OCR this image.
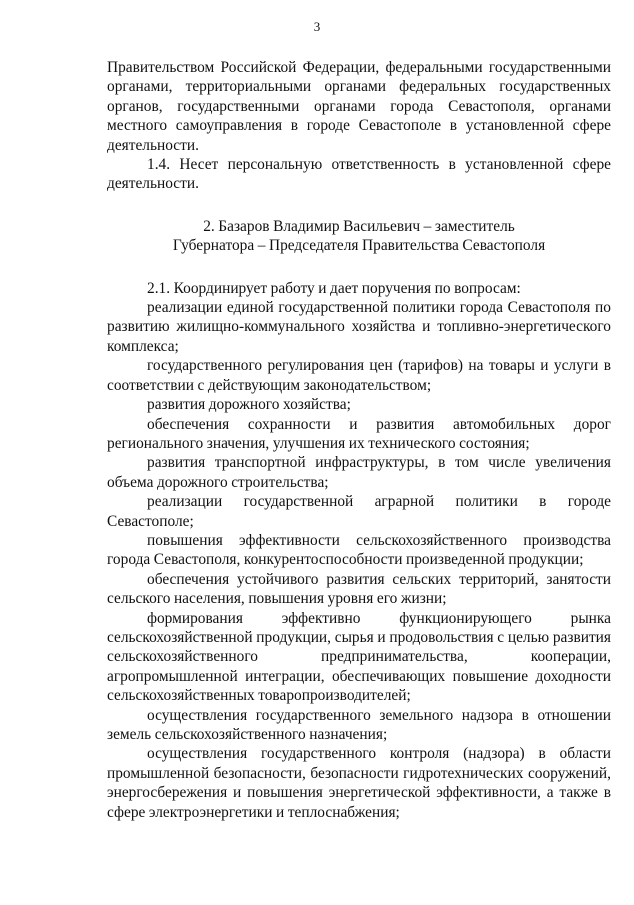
3

Правительством Российской Федерации, федеральными государственными органами, территориальными органами федеральных государственных органов, государственными органами города Севастополя, органами местного самоуправления в городе Севастополе в установленной сфере деятельности.

1.4. Несет персональную ответственность в установленной сфере деятельности.

2. Базаров Владимир Васильевич – заместитель
Губернатора – Председателя Правительства Севастополя

2.1. Координирует работу и дает поручения по вопросам:

реализации единой государственной политики города Севастополя по развитию жилищно-коммунального хозяйства и топливно-энергетического комплекса;

государственного регулирования цен (тарифов) на товары и услуги в соответствии с действующим законодательством;

развития дорожного хозяйства;

обеспечения сохранности и развития автомобильных дорог регионального значения, улучшения их технического состояния;

развития транспортной инфраструктуры, в том числе увеличения объема дорожного строительства;

реализации государственной аграрной политики в городе Севастополе;

повышения эффективности сельскохозяйственного производства города Севастополя, конкурентоспособности произведенной продукции;

обеспечения устойчивого развития сельских территорий, занятости сельского населения, повышения уровня его жизни;

формирования эффективно функционирующего рынка сельскохозяйственной продукции, сырья и продовольствия с целью развития сельскохозяйственного предпринимательства, кооперации, агропромышленной интеграции, обеспечивающих повышение доходности сельскохозяйственных товаропроизводителей;

осуществления государственного земельного надзора в отношении земель сельскохозяйственного назначения;

осуществления государственного контроля (надзора) в области промышленной безопасности, безопасности гидротехнических сооружений, энергосбережения и повышения энергетической эффективности, а также в сфере электроэнергетики и теплоснабжения;
